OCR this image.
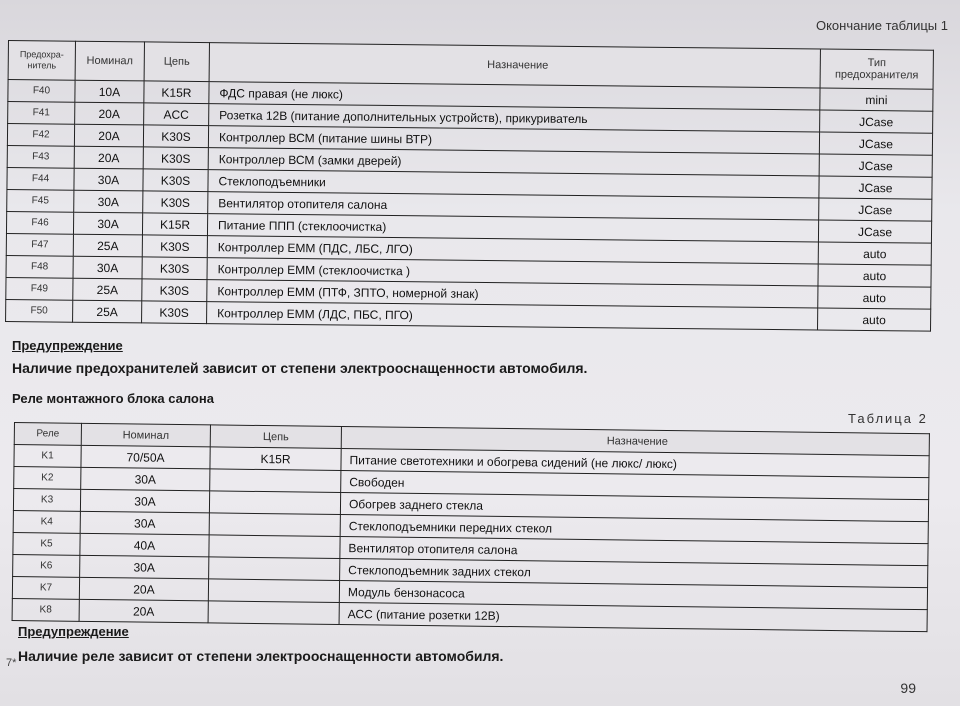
Окончание таблицы 1
Предохра-
нитель	Номинал	Цепь	Назначение	Тип
предохранителя
F40	10A	K15R	ФДС правая (не люкс)	mini
F41	20A	ACC	Розетка 12В (питание дополнительных устройств), прикуриватель	JCase
F42	20A	K30S	Контроллер ВСМ (питание шины ВТР)	JCase
F43	20A	K30S	Контроллер ВСМ (замки дверей)	JCase
F44	30A	K30S	Стеклоподъемники	JCase
F45	30A	K30S	Вентилятор отопителя салона	JCase
F46	30A	K15R	Питание ППП (стеклоочистка)	JCase
F47	25A	K30S	Контроллер ЕММ (ПДС, ЛБС, ЛГО)	auto
F48	30A	K30S	Контроллер ЕММ (стеклоочистка )	auto
F49	25A	K30S	Контроллер ЕММ (ПТФ, ЗПТО, номерной знак)	auto
F50	25A	K30S	Контроллер ЕММ (ЛДС, ПБС, ПГО)	auto
Предупреждение
Наличие предохранителей зависит от степени электрооснащенности автомобиля.
Реле монтажного блока салона
Таблица 2
Реле	Номинал	Цепь	Назначение
K1	70/50A	K15R	Питание светотехники и обогрева сидений (не люкс/ люкс)
K2	30A		Свободен
K3	30A		Обогрев заднего стекла
K4	30A		Стеклоподъемники передних стекол
K5	40A		Вентилятор отопителя салона
K6	30A		Стеклоподъемник задних стекол
K7	20A		Модуль бензонасоса
K8	20A		АСС (питание розетки 12В)
Предупреждение
Наличие реле зависит от степени электрооснащенности автомобиля.
7*
99
